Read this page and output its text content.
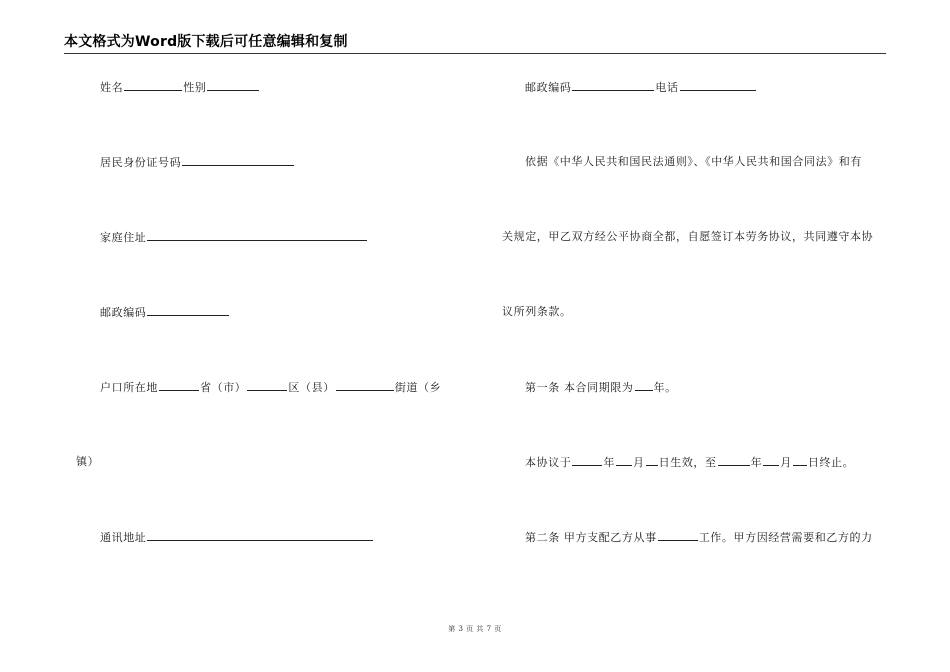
本文格式为Word版下载后可任意编辑和复制
姓名	性别
居民身份证号码
家庭住址
邮政编码
户口所在地	省（市）	区（县）	街道（乡
镇）
通讯地址
邮政编码	电话
依据《中华人民共和国民法通则》、《中华人民共和国合同法》和有
关规定，甲乙双方经公平协商全都，自愿签订本劳务协议，共同遵守本协
议所列条款。
第一条 本合同期限为 年。
本协议于	年 月 日生效，至	年 月 日终止。
第二条 甲方支配乙方从事	工作。甲方因经营需要和乙方的力
第 3 页 共 7 页
